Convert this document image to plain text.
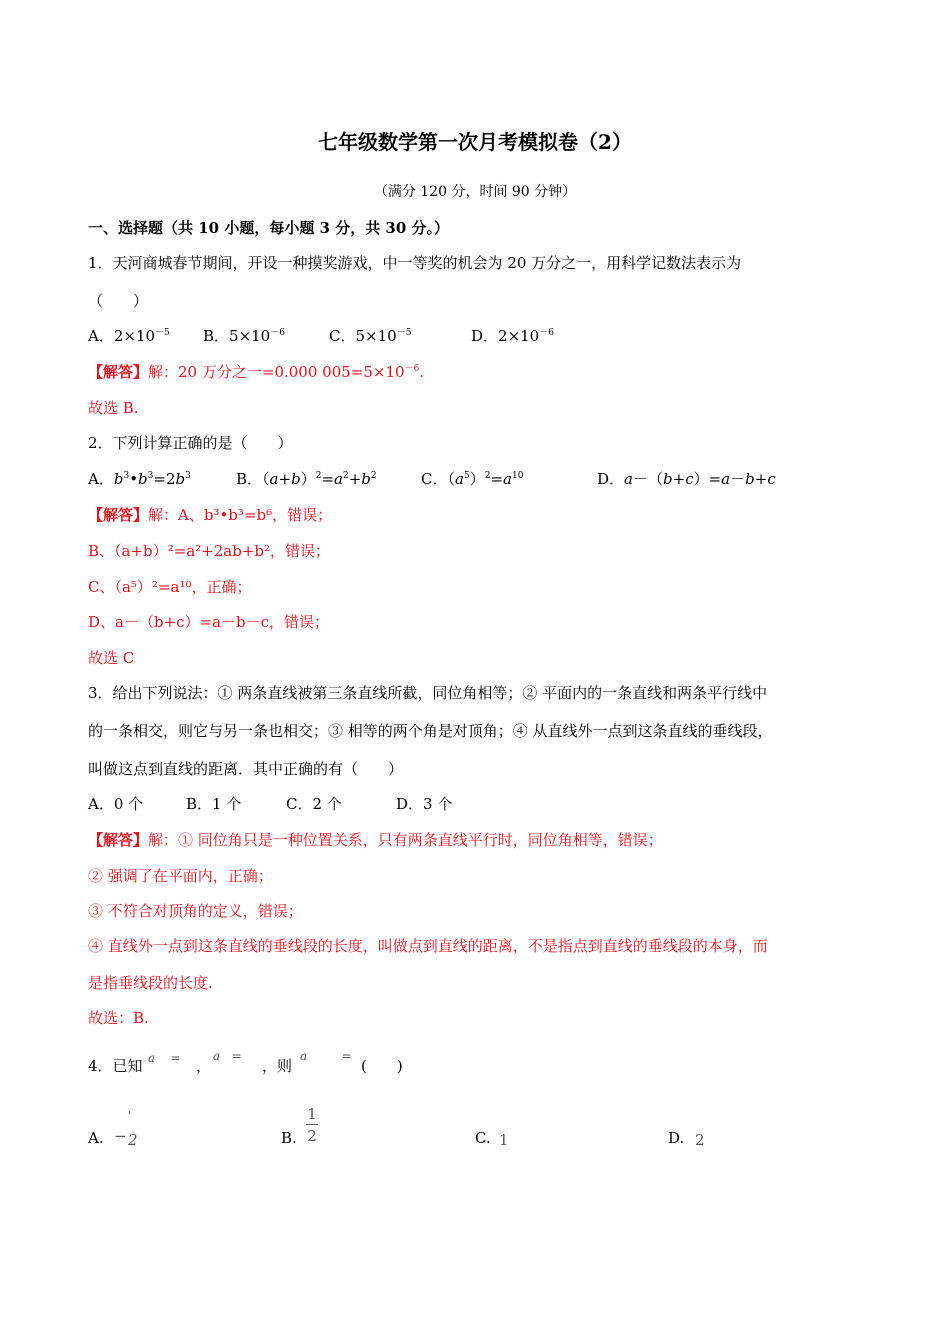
七年级数学第一次月考模拟卷（2）
（满分 120 分，时间 90 分钟）
一、选择题（共 10 小题，每小题 3 分，共 30 分。）
1．天河商城春节期间，开设一种摸奖游戏，中一等奖的机会为 20 万分之一，用科学记数法表示为
（　　）
A．$2\times 10^{-5}$ B．$5\times 10^{-6}$	C．$5\times 10^{-5}$	D．$2\times 10^{-6}$
【解答】解：20 万分之一=0.000 $005=5\times 10^{-6}$.
故选 B.
2．下列计算正确的是（　　）
A．$b^3•b^3=2b^3$	B．$(a+b)^2=a^2+b^2$	C．$(a^5)^2=a^{10}$	D．a－（b+c）=a－b+c
【解答】解：A、b³•b³=b⁶，错误；
B、（a+b）²=a²+2ab+b²，错误；
C、（a⁵）²=a¹⁰，正确；
D、a－（b+c）=a－b－c，错误；
故选 C
3．给出下列说法：① 两条直线被第三条直线所截，同位角相等；② 平面内的一条直线和两条平行线中
的一条相交，则它与另一条也相交；③ 相等的两个角是对顶角；④ 从直线外一点到这条直线的垂线段，
叫做这点到直线的距离．其中正确的有（　　）
A．0 个	B．1 个	C．2 个	D．3 个
【解答】解：① 同位角只是一种位置关系，只有两条直线平行时，同位角相等，错误；
② 强调了在平面内，正确；
③ 不符合对顶角的定义，错误；
④ 直线外一点到这条直线的垂线段的长度，叫做点到直线的距离，不是指点到直线的垂线段的本身，而
是指垂线段的长度.
故选：B.
4．已知 a    = ，
a   =
，则
a         =
(　　)
A. −
'
2	B.
1
2	C. 1	D. 2
